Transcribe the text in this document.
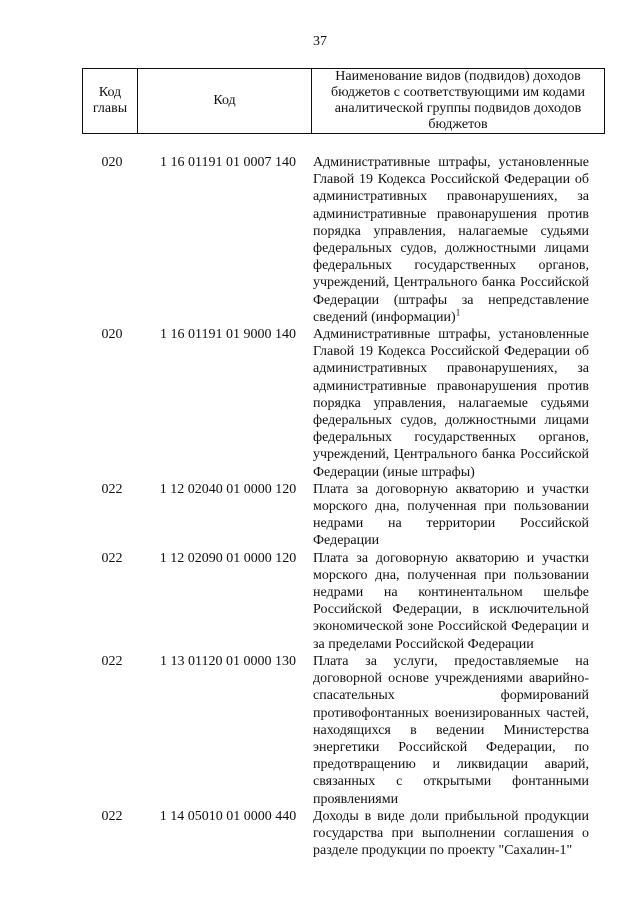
37
Код главы	Код	Наименование видов (подвидов) доходов бюджетов с соответствующими им кодами аналитической группы подвидов доходов бюджетов
020	1 16 01191 01 0007 140	Административные штрафы, установленные Главой 19 Кодекса Российской Федерации об административных правонарушениях, за административные правонарушения против порядка управления, налагаемые судьями федеральных судов, должностными лицами федеральных государственных органов, учреждений, Центрального банка Российской Федерации (штрафы за непредставление сведений (информации)$^1$
020	1 16 01191 01 9000 140	Административные штрафы, установленные Главой 19 Кодекса Российской Федерации об административных правонарушениях, за административные правонарушения против порядка управления, налагаемые судьями федеральных судов, должностными лицами федеральных государственных органов, учреждений, Центрального банка Российской Федерации (иные штрафы)
022	1 12 02040 01 0000 120	Плата за договорную акваторию и участки морского дна, полученная при пользовании недрами на территории Российской Федерации
022	1 12 02090 01 0000 120	Плата за договорную акваторию и участки морского дна, полученная при пользовании недрами на континентальном шельфе Российской Федерации, в исключительной экономической зоне Российской Федерации и за пределами Российской Федерации
022	1 13 01120 01 0000 130	Плата за услуги, предоставляемые на договорной основе учреждениями аварийно-спасательных формирований противофонтанных военизированных частей, находящихся в ведении Министерства энергетики Российской Федерации, по предотвращению и ликвидации аварий, связанных с открытыми фонтанными проявлениями
022	1 14 05010 01 0000 440	Доходы в виде доли прибыльной продукции государства при выполнении соглашения о разделе продукции по проекту "Сахалин-1"
